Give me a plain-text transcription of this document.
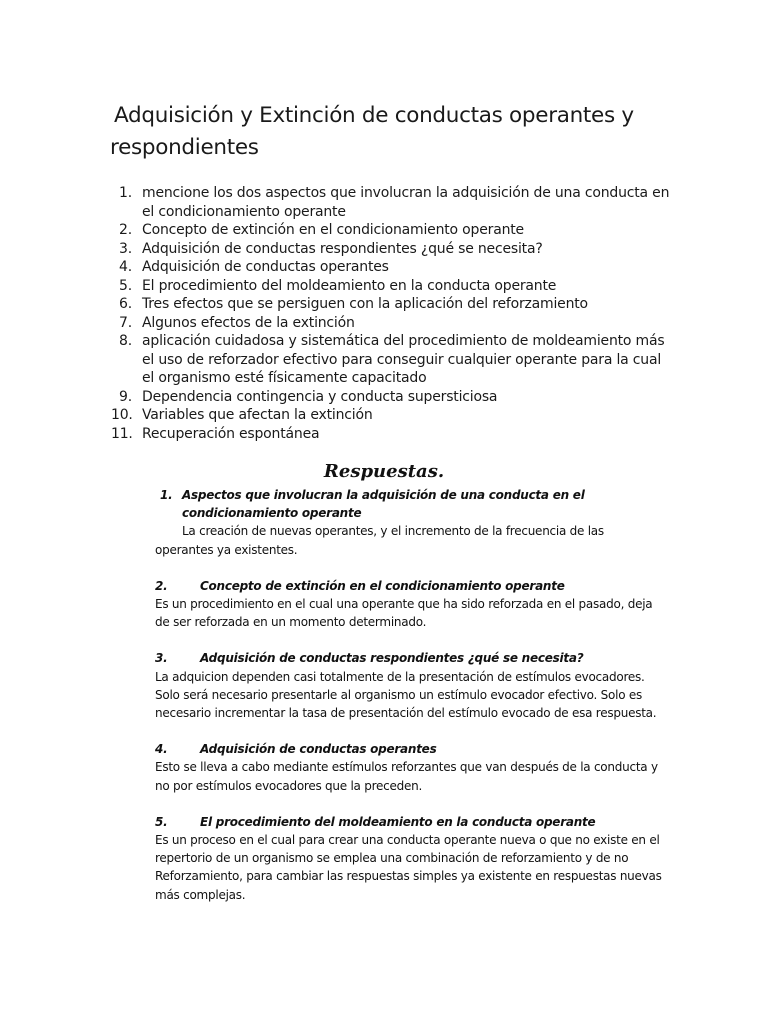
Adquisición y Extinción de conductas operantes y
respondientes
1. mencione los dos aspectos que involucran la adquisición de una conducta en el condicionamiento operante
2. Concepto de extinción en el condicionamiento operante
3. Adquisición de conductas respondientes ¿qué se necesita?
4. Adquisición de conductas operantes
5. El procedimiento del moldeamiento en la conducta operante
6. Tres efectos que se persiguen con la aplicación del reforzamiento
7. Algunos efectos de la extinción
8. aplicación cuidadosa y sistemática del procedimiento de moldeamiento más el uso de reforzador efectivo para conseguir cualquier operante para la cual el organismo esté físicamente capacitado
9. Dependencia contingencia y conducta supersticiosa
10. Variables que afectan la extinción
11. Recuperación espontánea
Respuestas.
1. Aspectos que involucran la adquisición de una conducta en el condicionamiento operante
La creación de nuevas operantes, y el incremento de la frecuencia de las operantes ya existentes.
2.	Concepto de extinción en el condicionamiento operante
Es un procedimiento en el cual una operante que ha sido reforzada en el pasado, deja de ser reforzada en un momento determinado.
3.	Adquisición de conductas respondientes ¿qué se necesita?
La adquicion dependen casi totalmente de la presentación de estímulos evocadores. Solo será necesario presentarle al organismo un estímulo evocador efectivo. Solo es necesario incrementar la tasa de presentación del estímulo evocado de esa respuesta.
4.	Adquisición de conductas operantes
Esto se lleva a cabo mediante estímulos reforzantes que van después de la conducta y no por estímulos evocadores que la preceden.
5.	El procedimiento del moldeamiento en la conducta operante
Es un proceso en el cual para crear una conducta operante nueva o que no existe en el repertorio de un organismo se emplea una combinación de reforzamiento y de no Reforzamiento, para cambiar las respuestas simples ya existente en respuestas nuevas más complejas.
